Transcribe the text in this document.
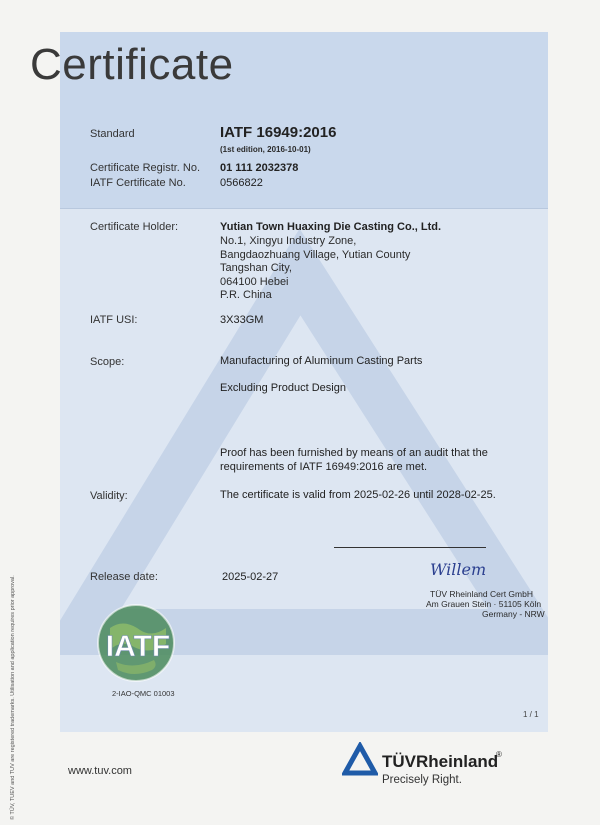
Certificate
Standard	IATF 16949:2016
(1st edition, 2016-10-01)
Certificate Registr. No. 01 111 2032378
IATF Certificate No.	0566822
Certificate Holder:	Yutian Town Huaxing Die Casting Co., Ltd.
No.1, Xingyu Industry Zone,
Bangdaozhuang Village, Yutian County
Tangshan City,
064100 Hebei
P.R. China
IATF USI:	3X33GM
Scope:	Manufacturing of Aluminum Casting Parts
Excluding Product Design
Proof has been furnished by means of an audit that the
requirements of IATF 16949:2016 are met.
Validity:	The certificate is valid from 2025-02-26 until 2028-02-25.
Release date:	2025-02-27	Willem
TÜV Rheinland Cert GmbH
Am Grauen Stein · 51105 Köln
Germany - NRW
IATF
2-IAO-QMC 01003
1 / 1
© TÜV, TUEV and TUV are registered trademarks. Utilisation and application requires prior approval.	www.tuv.com	TÜVRheinland
®
Precisely Right.
